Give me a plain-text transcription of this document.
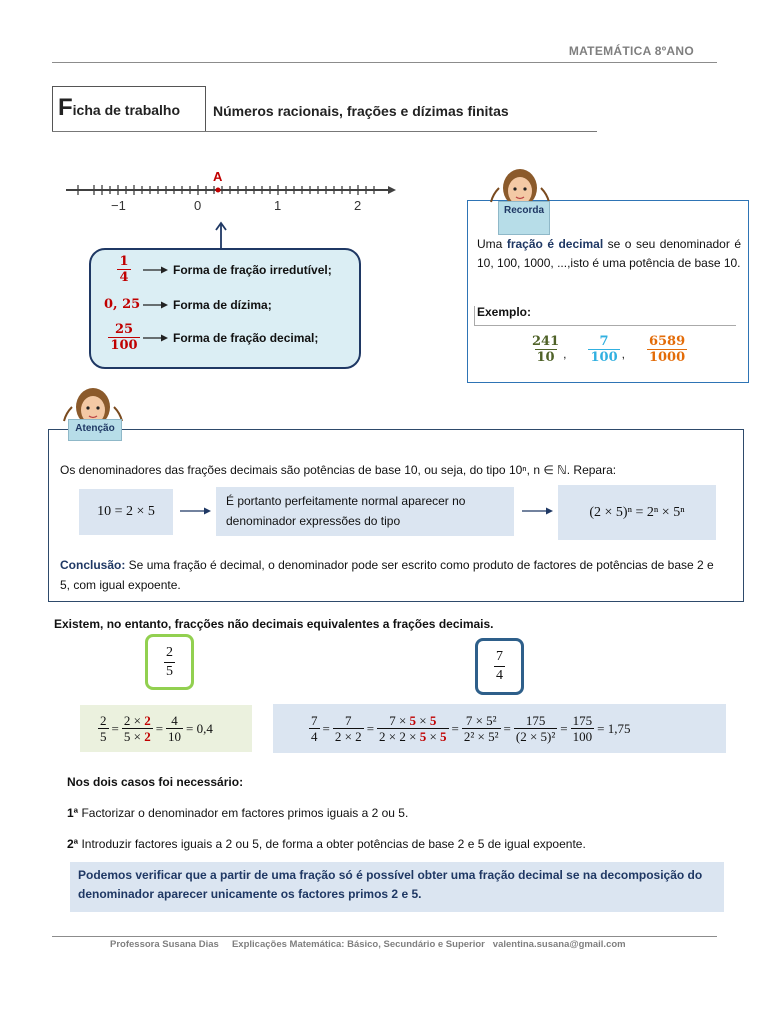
MATEMÁTICA 8ºANO
Ficha de trabalho Números racionais, frações e dízimas finitas
A
−1	0	1	2
$\frac{1}{4}$	Forma de fração irredutível;
0, 25	Forma de dízima;
$\frac{25}{100}$	Forma de fração decimal;
Recorda
Uma fração é decimal se o seu denominador é 10, 100, 1000, ...,isto é uma potência de base 10.
Exemplo:
$\frac{241}{10}$ , $\frac{7}{100}$ , $\frac{6589}{1000}$
Atenção
Os denominadores das frações decimais são potências de base 10, ou seja, do tipo 10ⁿ, n ∈ ℕ. Repara:
10 = 2 × 5
É portanto perfeitamente normal aparecer no denominador expressões do tipo
(2 × 5)ⁿ = 2ⁿ × 5ⁿ
Conclusão: Se uma fração é decimal, o denominador pode ser escrito como produto de factores de potências de base 2 e 5, com igual expoente.
Existem, no entanto, fracções não decimais equivalentes a frações decimais.
$\frac{2}{5}$	$\frac{7}{4}$
$\frac{2}{5} = \frac{2 \times 2}{5 \times 2} = \frac{4}{10} = 0,4$	$\frac{7}{4} = \frac{7}{2 \times 2} = \frac{7 \times 5 \times 5}{2 \times 2 \times 5 \times 5} = \frac{\text{7 × 5²}}{\text{2² × 5²}} = \frac{175}{\text{(2 × 5)²}} = \frac{175}{100} = 1,75$
Nos dois casos foi necessário:
1ª Factorizar o denominador em factores primos iguais a 2 ou 5.
2ª Introduzir factores iguais a 2 ou 5, de forma a obter potências de base 2 e 5 de igual expoente.
Podemos verificar que a partir de uma fração só é possível obter uma fração decimal se na decomposição do denominador aparecer unicamente os factores primos 2 e 5.
Professora Susana Dias     Explicações Matemática: Básico, Secundário e Superior   valentina.susana@gmail.com
